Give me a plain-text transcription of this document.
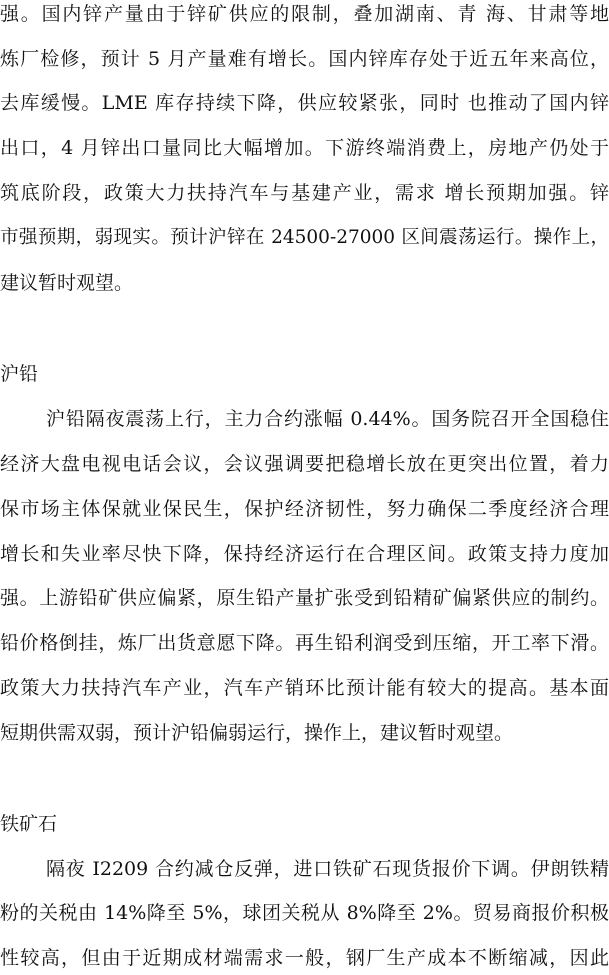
强。国内锌产量由于锌矿供应的限制，叠加湖南、青 海、甘肃等地
炼厂检修，预计 5 月产量难有增长。国内锌库存处于近五年来高位，
去库缓慢。LME 库存持续下降，供应较紧张，同时 也推动了国内锌
出口，4 月锌出口量同比大幅增加。下游终端消费上，房地产仍处于
筑底阶段，政策大力扶持汽车与基建产业，需求 增长预期加强。锌
市强预期，弱现实。预计沪锌在 24500-27000 区间震荡运行。操作上，
建议暂时观望。
沪铅
沪铅隔夜震荡上行，主力合约涨幅 0.44%。国务院召开全国稳住
经济大盘电视电话会议，会议强调要把稳增长放在更突出位置，着力
保市场主体保就业保民生，保护经济韧性，努力确保二季度经济合理
增长和失业率尽快下降，保持经济运行在合理区间。政策支持力度加
强。上游铅矿供应偏紧，原生铅产量扩张受到铅精矿偏紧供应的制约。
铅价格倒挂，炼厂出货意愿下降。再生铅利润受到压缩，开工率下滑。
政策大力扶持汽车产业，汽车产销环比预计能有较大的提高。基本面
短期供需双弱，预计沪铅偏弱运行，操作上，建议暂时观望。
铁矿石
隔夜 I2209 合约减仓反弹，进口铁矿石现货报价下调。伊朗铁精
粉的关税由 14%降至 5%，球团关税从 8%降至 2%。贸易商报价积极
性较高，但由于近期成材端需求一般，钢厂生产成本不断缩减，因此
